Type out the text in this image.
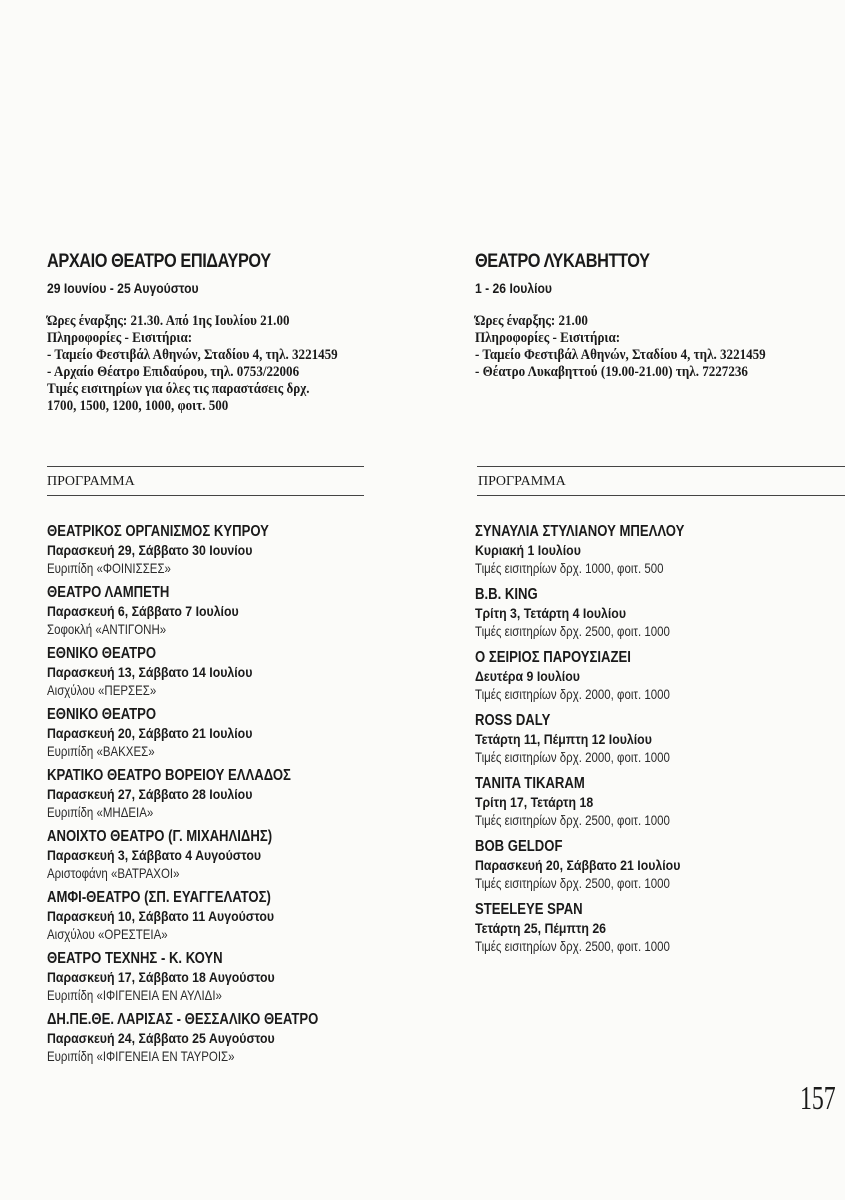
ΑΡΧΑΙΟ ΘΕΑΤΡΟ ΕΠΙΔΑΥΡΟΥ
29 Ιουνίου - 25 Αυγούστου
Ώρες έναρξης: 21.30. Από 1ης Ιουλίου 21.00
Πληροφορίες - Εισιτήρια:
- Ταμείο Φεστιβάλ Αθηνών, Σταδίου 4, τηλ. 3221459
- Αρχαίο Θέατρο Επιδαύρου, τηλ. 0753/22006
Τιμές εισιτηρίων για όλες τις παραστάσεις δρχ.
1700, 1500, 1200, 1000, φοιτ. 500
ΘΕΑΤΡΟ ΛΥΚΑΒΗΤΤΟΥ
1 - 26 Ιουλίου
Ώρες έναρξης: 21.00
Πληροφορίες - Εισιτήρια:
- Ταμείο Φεστιβάλ Αθηνών, Σταδίου 4, τηλ. 3221459
- Θέατρο Λυκαβηττού (19.00-21.00) τηλ. 7227236
ΠΡΟΓΡΑΜΜΑ	ΠΡΟΓΡΑΜΜΑ
ΘΕΑΤΡΙΚΟΣ ΟΡΓΑΝΙΣΜΟΣ ΚΥΠΡΟΥ
Παρασκευή 29, Σάββατο 30 Ιουνίου
Ευριπίδη «ΦΟΙΝΙΣΣΕΣ»
ΘΕΑΤΡΟ ΛΑΜΠΕΤΗ
Παρασκευή 6, Σάββατο 7 Ιουλίου
Σοφοκλή «ΑΝΤΙΓΟΝΗ»
ΕΘΝΙΚΟ ΘΕΑΤΡΟ
Παρασκευή 13, Σάββατο 14 Ιουλίου
Αισχύλου «ΠΕΡΣΕΣ»
ΕΘΝΙΚΟ ΘΕΑΤΡΟ
Παρασκευή 20, Σάββατο 21 Ιουλίου
Ευριπίδη «ΒΑΚΧΕΣ»
ΚΡΑΤΙΚΟ ΘΕΑΤΡΟ ΒΟΡΕΙΟΥ ΕΛΛΑΔΟΣ
Παρασκευή 27, Σάββατο 28 Ιουλίου
Ευριπίδη «ΜΗΔΕΙΑ»
ΑΝΟΙΧΤΟ ΘΕΑΤΡΟ (Γ. ΜΙΧΑΗΛΙΔΗΣ)
Παρασκευή 3, Σάββατο 4 Αυγούστου
Αριστοφάνη «ΒΑΤΡΑΧΟΙ»
ΑΜΦΙ-ΘΕΑΤΡΟ (ΣΠ. ΕΥΑΓΓΕΛΑΤΟΣ)
Παρασκευή 10, Σάββατο 11 Αυγούστου
Αισχύλου «ΟΡΕΣΤΕΙΑ»
ΘΕΑΤΡΟ ΤΕΧΝΗΣ - Κ. ΚΟΥΝ
Παρασκευή 17, Σάββατο 18 Αυγούστου
Ευριπίδη «ΙΦΙΓΕΝΕΙΑ ΕΝ ΑΥΛΙΔΙ»
ΔΗ.ΠΕ.ΘΕ. ΛΑΡΙΣΑΣ - ΘΕΣΣΑΛΙΚΟ ΘΕΑΤΡΟ
Παρασκευή 24, Σάββατο 25 Αυγούστου
Ευριπίδη «ΙΦΙΓΕΝΕΙΑ ΕΝ ΤΑΥΡΟΙΣ»
ΣΥΝΑΥΛΙΑ ΣΤΥΛΙΑΝΟΥ ΜΠΕΛΛΟΥ
Κυριακή 1 Ιουλίου
Τιμές εισιτηρίων δρχ. 1000, φοιτ. 500
B.B. KING
Τρίτη 3, Τετάρτη 4 Ιουλίου
Τιμές εισιτηρίων δρχ. 2500, φοιτ. 1000
Ο ΣΕΙΡΙΟΣ ΠΑΡΟΥΣΙΑΖΕΙ
Δευτέρα 9 Ιουλίου
Τιμές εισιτηρίων δρχ. 2000, φοιτ. 1000
ROSS DALY
Τετάρτη 11, Πέμπτη 12 Ιουλίου
Τιμές εισιτηρίων δρχ. 2000, φοιτ. 1000
TANITA TIKARAM
Τρίτη 17, Τετάρτη 18
Τιμές εισιτηρίων δρχ. 2500, φοιτ. 1000
BOB GELDOF
Παρασκευή 20, Σάββατο 21 Ιουλίου
Τιμές εισιτηρίων δρχ. 2500, φοιτ. 1000
STEELEYE SPAN
Τετάρτη 25, Πέμπτη 26
Τιμές εισιτηρίων δρχ. 2500, φοιτ. 1000
157
